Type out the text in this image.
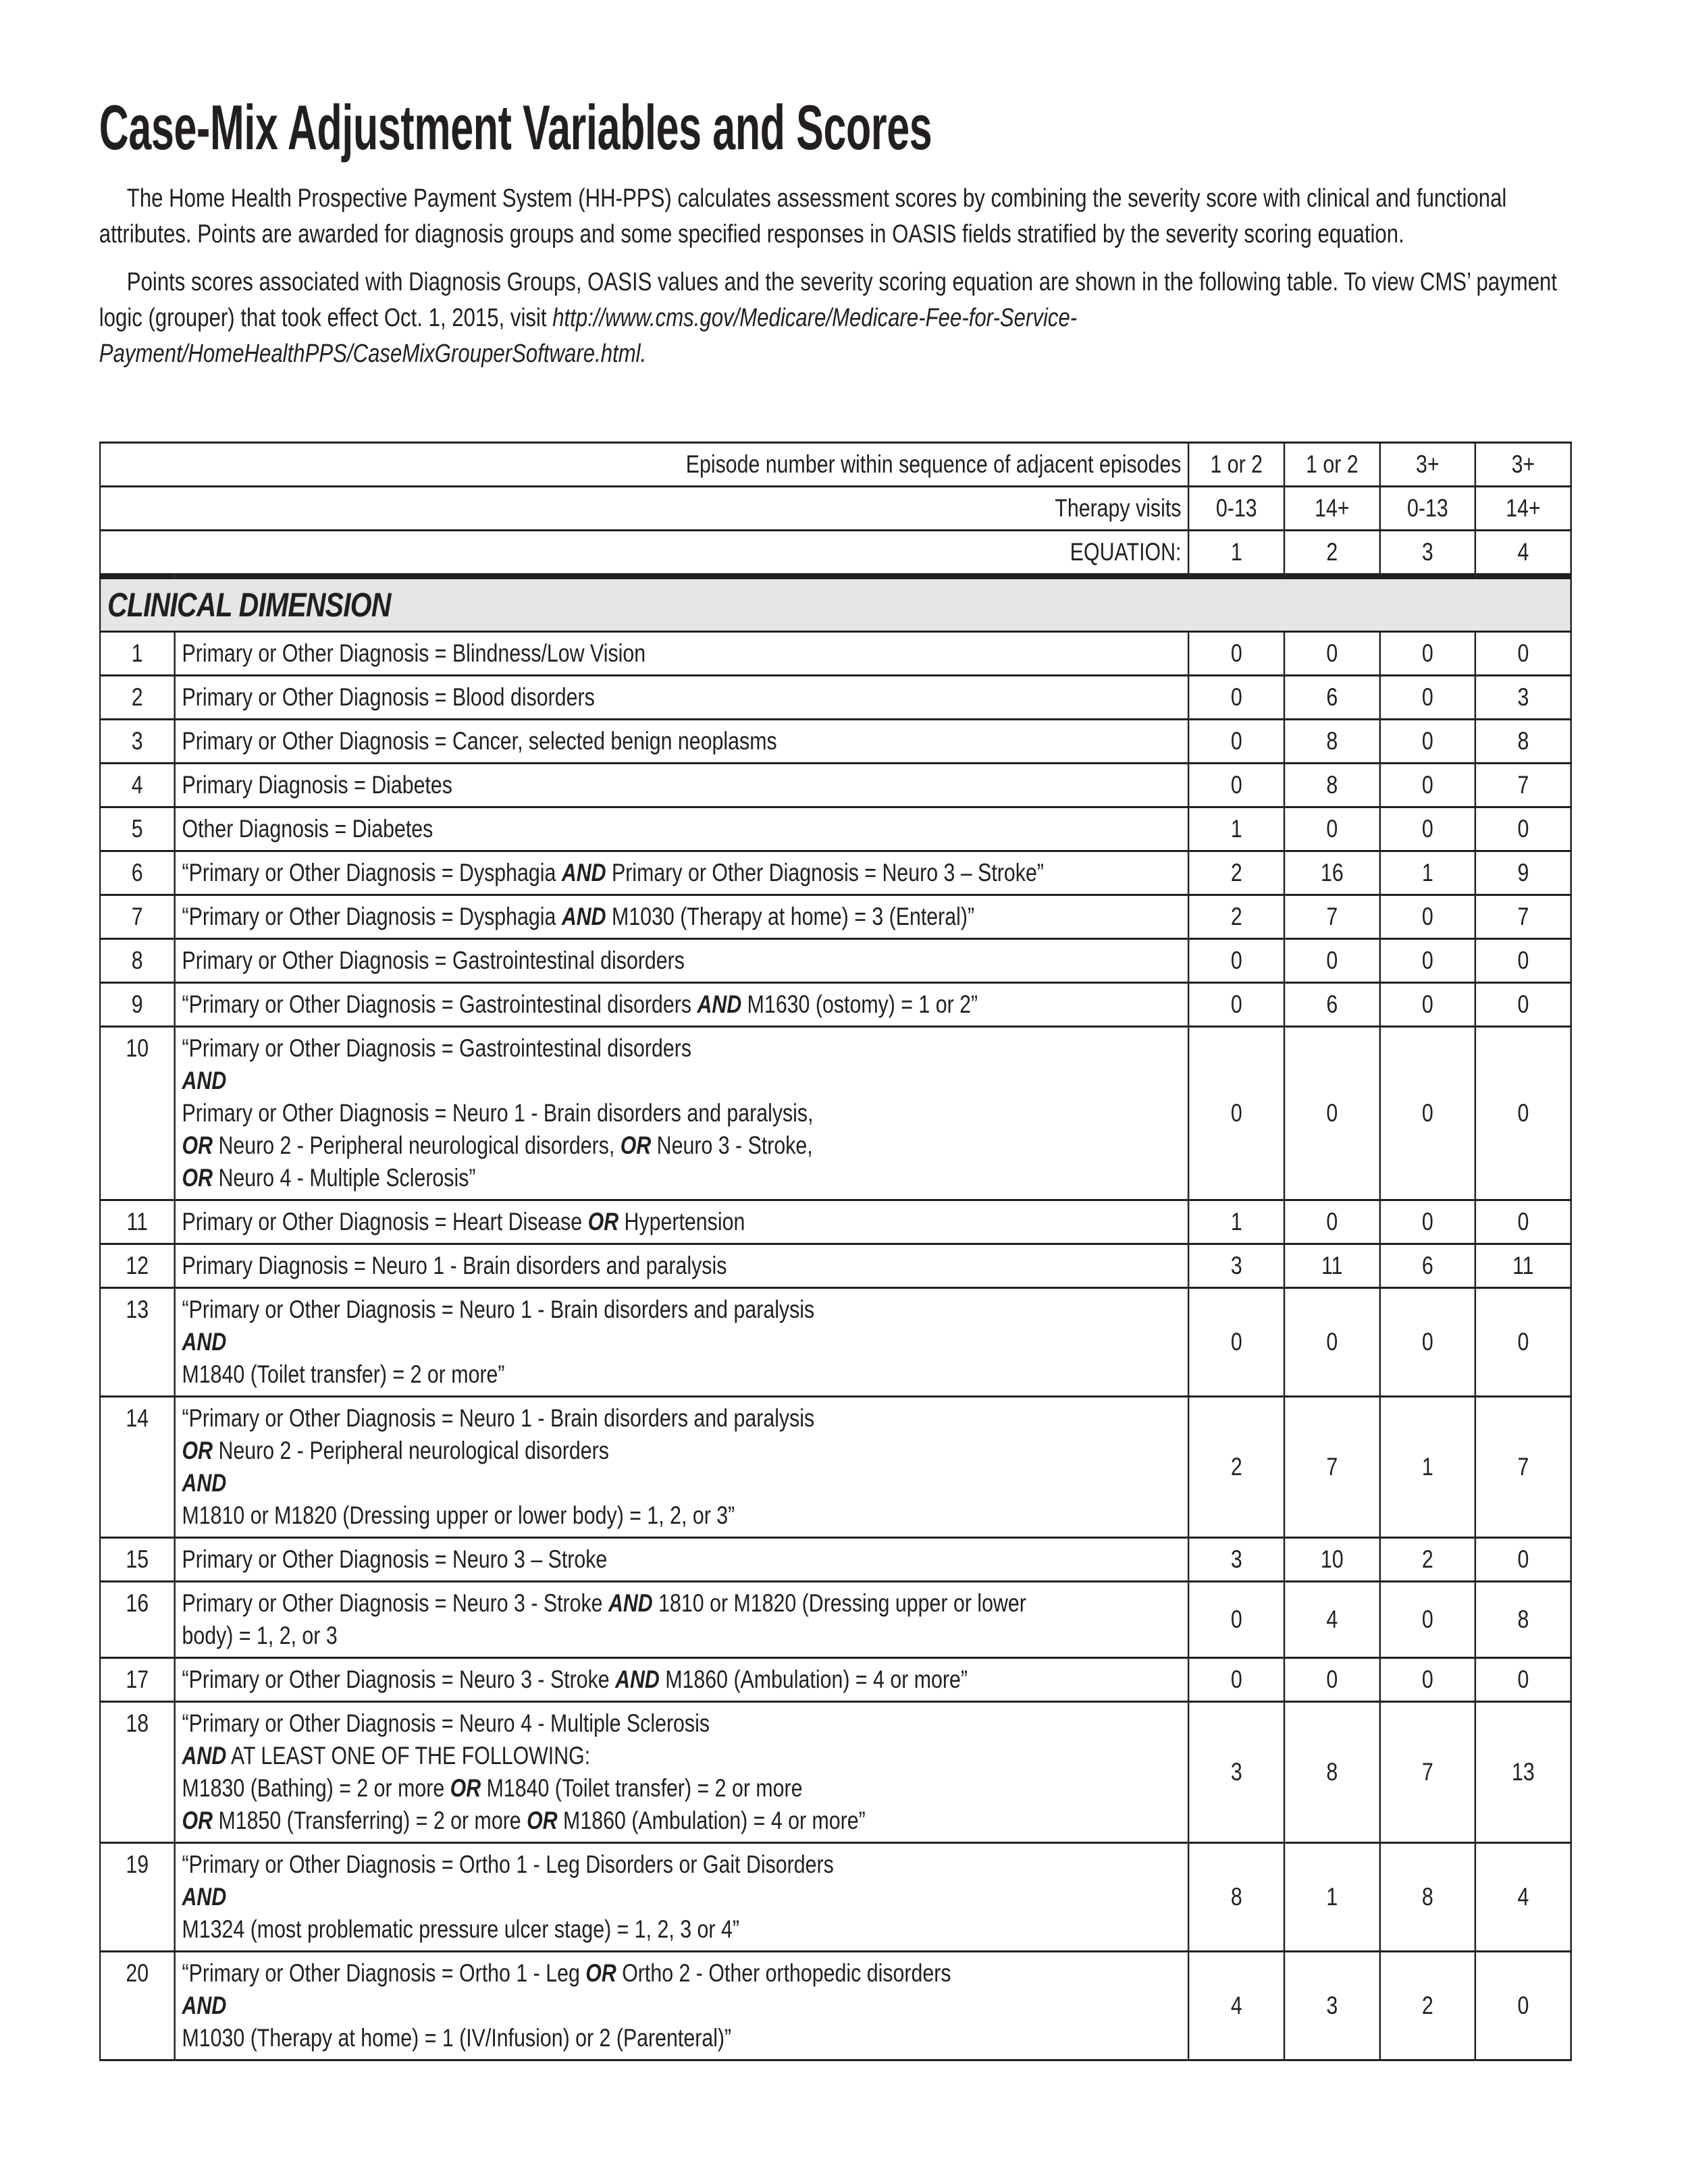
Case-Mix Adjustment Variables and Scores

The Home Health Prospective Payment System (HH-PPS) calculates assessment scores by combining the severity score with clinical and functional attributes. Points are awarded for diagnosis groups and some specified responses in OASIS fields stratified by the severity scoring equation.

Points scores associated with Diagnosis Groups, OASIS values and the severity scoring equation are shown in the following table. To view CMS’ payment logic (grouper) that took effect Oct. 1, 2015, visit http://www.cms.gov/Medicare/Medicare-Fee-for-Service-Payment/HomeHealthPPS/CaseMixGrouperSoftware.html.

Episode number within sequence of adjacent episodes		1 or 2	1 or 2	3+	3+
Therapy visits		0-13	14+	0-13	14+
EQUATION:		1	2	3	4
CLINICAL DIMENSION					
1	Primary or Other Diagnosis = Blindness/Low Vision	0	0	0	0
2	Primary or Other Diagnosis = Blood disorders	0	6	0	3
3	Primary or Other Diagnosis = Cancer, selected benign neoplasms	0	8	0	8
4	Primary Diagnosis = Diabetes	0	8	0	7
5	Other Diagnosis = Diabetes	1	0	0	0
6	“Primary or Other Diagnosis = Dysphagia AND Primary or Other Diagnosis = Neuro 3 – Stroke”	2	16	1	9
7	“Primary or Other Diagnosis = Dysphagia AND M1030 (Therapy at home) = 3 (Enteral)”	2	7	0	7
8	Primary or Other Diagnosis = Gastrointestinal disorders	0	0	0	0
9	“Primary or Other Diagnosis = Gastrointestinal disorders AND M1630 (ostomy) = 1 or 2”	0	6	0	0
10	“Primary or Other Diagnosis = Gastrointestinal disorders
AND
Primary or Other Diagnosis = Neuro 1 - Brain disorders and paralysis,
OR Neuro 2 - Peripheral neurological disorders, OR Neuro 3 - Stroke,
OR Neuro 4 - Multiple Sclerosis”	0	0	0	0
11	Primary or Other Diagnosis = Heart Disease OR Hypertension	1	0	0	0
12	Primary Diagnosis = Neuro 1 - Brain disorders and paralysis	3	11	6	11
13	“Primary or Other Diagnosis = Neuro 1 - Brain disorders and paralysis
AND
M1840 (Toilet transfer) = 2 or more”	0	0	0	0
14	“Primary or Other Diagnosis = Neuro 1 - Brain disorders and paralysis
OR Neuro 2 - Peripheral neurological disorders
AND
M1810 or M1820 (Dressing upper or lower body) = 1, 2, or 3”	2	7	1	7
15	Primary or Other Diagnosis = Neuro 3 – Stroke	3	10	2	0
16	Primary or Other Diagnosis = Neuro 3 - Stroke AND 1810 or M1820 (Dressing upper or lower
body) = 1, 2, or 3	0	4	0	8
17	“Primary or Other Diagnosis = Neuro 3 - Stroke AND M1860 (Ambulation) = 4 or more”	0	0	0	0
18	“Primary or Other Diagnosis = Neuro 4 - Multiple Sclerosis
AND AT LEAST ONE OF THE FOLLOWING:
M1830 (Bathing) = 2 or more OR M1840 (Toilet transfer) = 2 or more
OR M1850 (Transferring) = 2 or more OR M1860 (Ambulation) = 4 or more”	3	8	7	13
19	“Primary or Other Diagnosis = Ortho 1 - Leg Disorders or Gait Disorders
AND
M1324 (most problematic pressure ulcer stage) = 1, 2, 3 or 4”	8	1	8	4
20	“Primary or Other Diagnosis = Ortho 1 - Leg OR Ortho 2 - Other orthopedic disorders
AND
M1030 (Therapy at home) = 1 (IV/Infusion) or 2 (Parenteral)”	4	3	2	0
